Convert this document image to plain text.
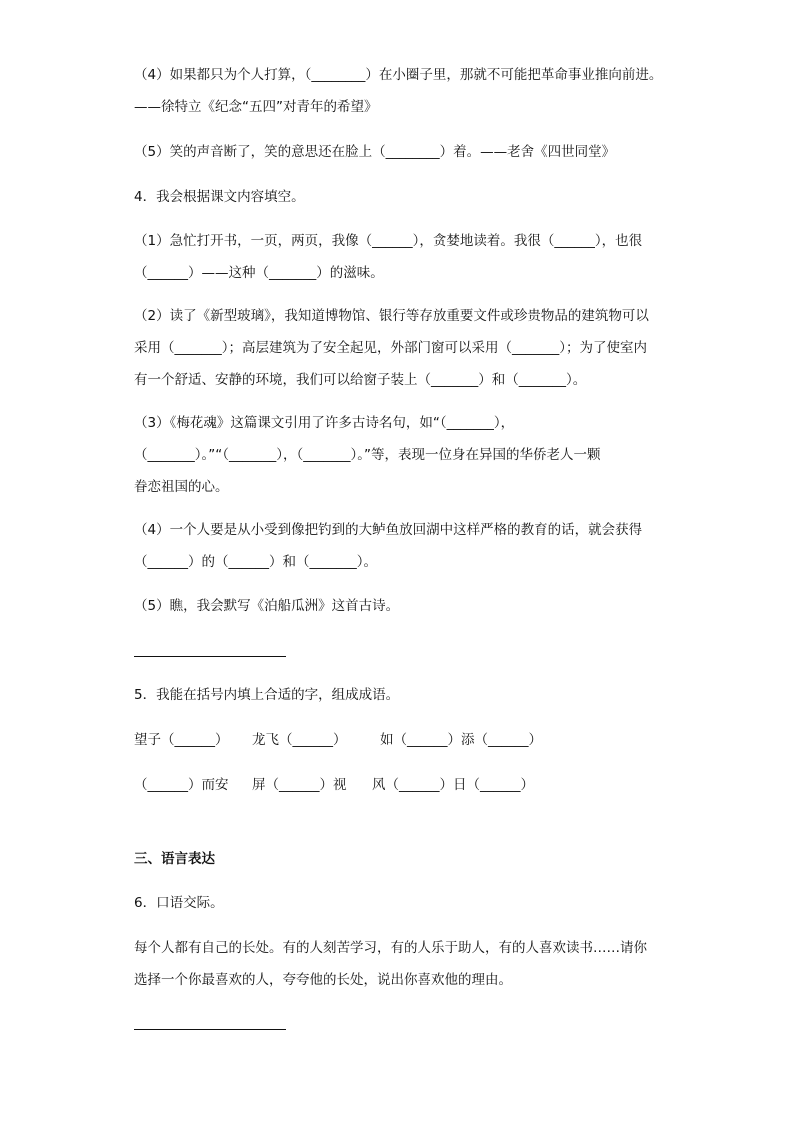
（4）如果都只为个人打算，（________）在小圈子里，那就不可能把革命事业推向前进。
——徐特立《纪念“五四”对青年的希望》
（5）笑的声音断了，笑的意思还在脸上（________）着。——老舍《四世同堂》
4．我会根据课文内容填空。
（1）急忙打开书，一页，两页，我像（______），贪婪地读着。我很（______），也很
（______）——这种（_______）的滋味。
（2）读了《新型玻璃》，我知道博物馆、银行等存放重要文件或珍贵物品的建筑物可以
采用（_______）；高层建筑为了安全起见，外部门窗可以采用（_______）；为了使室内
有一个舒适、安静的环境，我们可以给窗子装上（_______）和（_______）。
（3）《梅花魂》这篇课文引用了许多古诗名句，如“（_______），
（_______）。”“（_______），（_______）。”等，表现一位身在异国的华侨老人一颗
眷恋祖国的心。
（4）一个人要是从小受到像把钓到的大鲈鱼放回湖中这样严格的教育的话，就会获得
（______）的（______）和（_______）。
（5）瞧，我会默写《泊船瓜洲》这首古诗。
5．我能在括号内填上合适的字，组成成语。
望子（______） 龙飞（______） 如（______）添（______）
（______）而安 屏（______）视 风（______）日（______）
三、语言表达
6．口语交际。
每个人都有自己的长处。有的人刻苦学习，有的人乐于助人，有的人喜欢读书……请你
选择一个你最喜欢的人，夸夸他的长处，说出你喜欢他的理由。
